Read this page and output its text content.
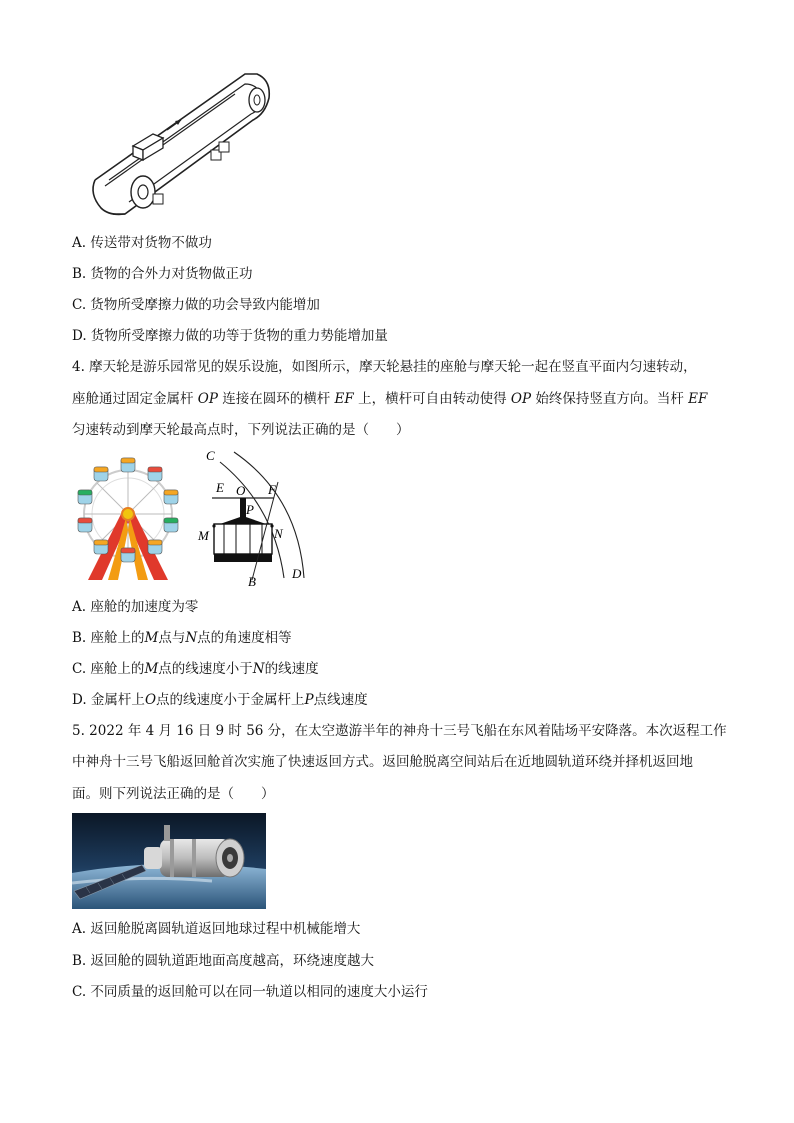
A. 传送带对货物不做功
B. 货物的合外力对货物做正功
C. 货物所受摩擦力做的功会导致内能增加
D. 货物所受摩擦力做的功等于货物的重力势能增加量
4. 摩天轮是游乐园常见的娱乐设施，如图所示，摩天轮悬挂的座舱与摩天轮一起在竖直平面内匀速转动，
座舱通过固定金属杆 OP 连接在圆环的横杆 EF 上，横杆可自由转动使得 OP 始终保持竖直方向。当杆 EF
匀速转动到摩天轮最高点时，下列说法正确的是（　　）
C
E O F
P
M	N
B
D
A. 座舱的加速度为零
B. 座舱上的M点与N点的角速度相等
C. 座舱上的M点的线速度小于N的线速度
D. 金属杆上O点的线速度小于金属杆上P点线速度
5. 2022 年 4 月 16 日 9 时 56 分，在太空遨游半年的神舟十三号飞船在东风着陆场平安降落。本次返程工作
中神舟十三号飞船返回舱首次实施了快速返回方式。返回舱脱离空间站后在近地圆轨道环绕并择机返回地
面。则下列说法正确的是（　　）
A. 返回舱脱离圆轨道返回地球过程中机械能增大
B. 返回舱的圆轨道距地面高度越高，环绕速度越大
C. 不同质量的返回舱可以在同一轨道以相同的速度大小运行
